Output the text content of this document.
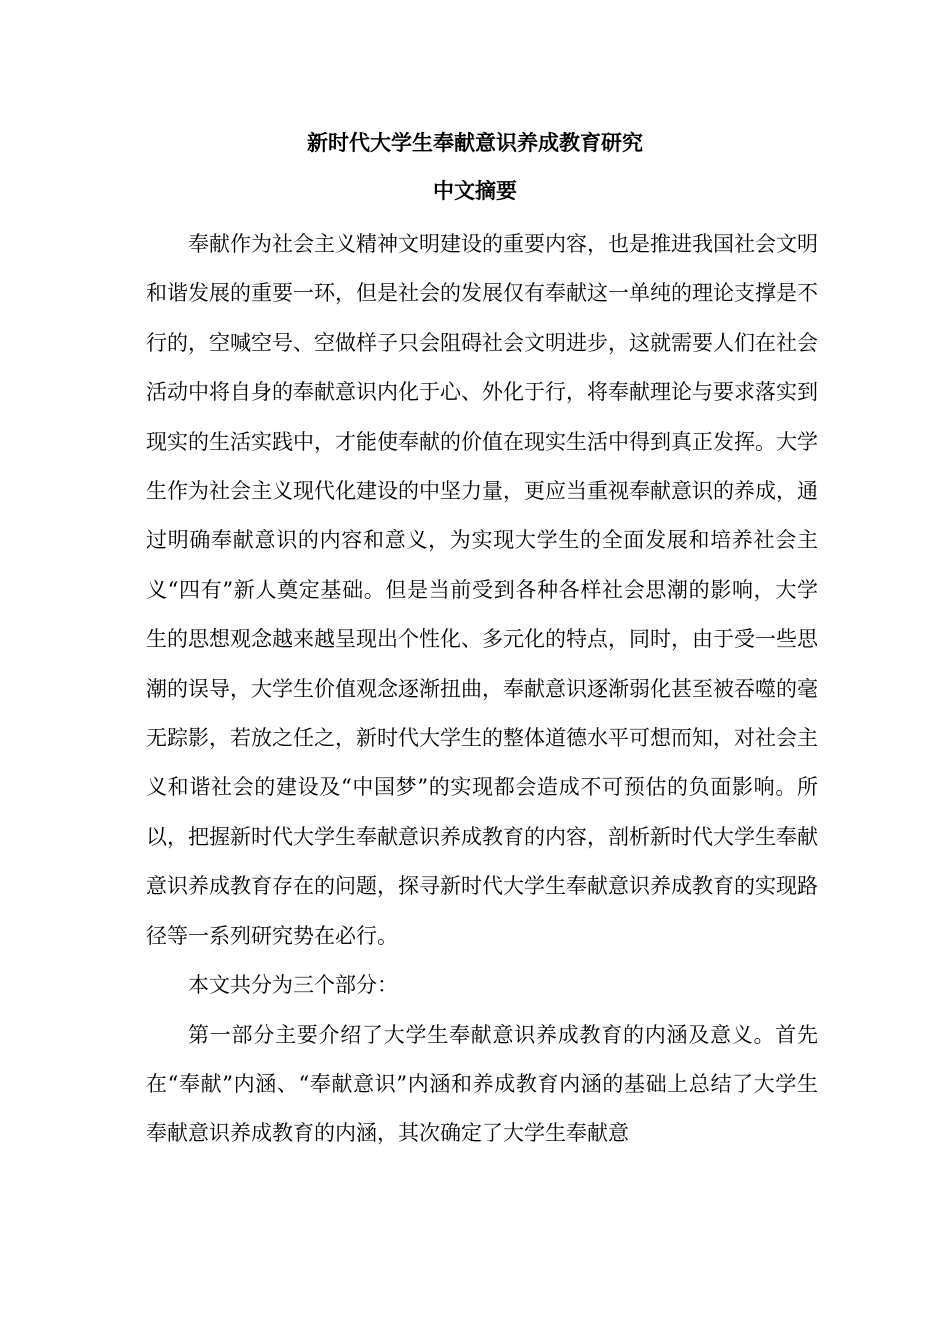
新时代大学生奉献意识养成教育研究
中文摘要

奉献作为社会主义精神文明建设的重要内容，也是推进我国社会文明和谐发展的重要一环，但是社会的发展仅有奉献这一单纯的理论支撑是不行的，空喊空号、空做样子只会阻碍社会文明进步，这就需要人们在社会活动中将自身的奉献意识内化于心、外化于行，将奉献理论与要求落实到现实的生活实践中，才能使奉献的价值在现实生活中得到真正发挥。大学生作为社会主义现代化建设的中坚力量，更应当重视奉献意识的养成，通过明确奉献意识的内容和意义，为实现大学生的全面发展和培养社会主义“四有”新人奠定基础。但是当前受到各种各样社会思潮的影响，大学生的思想观念越来越呈现出个性化、多元化的特点，同时，由于受一些思潮的误导，大学生价值观念逐渐扭曲，奉献意识逐渐弱化甚至被吞噬的毫无踪影，若放之任之，新时代大学生的整体道德水平可想而知，对社会主义和谐社会的建设及“中国梦”的实现都会造成不可预估的负面影响。所以，把握新时代大学生奉献意识养成教育的内容，剖析新时代大学生奉献意识养成教育存在的问题，探寻新时代大学生奉献意识养成教育的实现路径等一系列研究势在必行。

本文共分为三个部分：

第一部分主要介绍了大学生奉献意识养成教育的内涵及意义。首先在“奉献”内涵、“奉献意识”内涵和养成教育内涵的基础上总结了大学生奉献意识养成教育的内涵，其次确定了大学生奉献意
